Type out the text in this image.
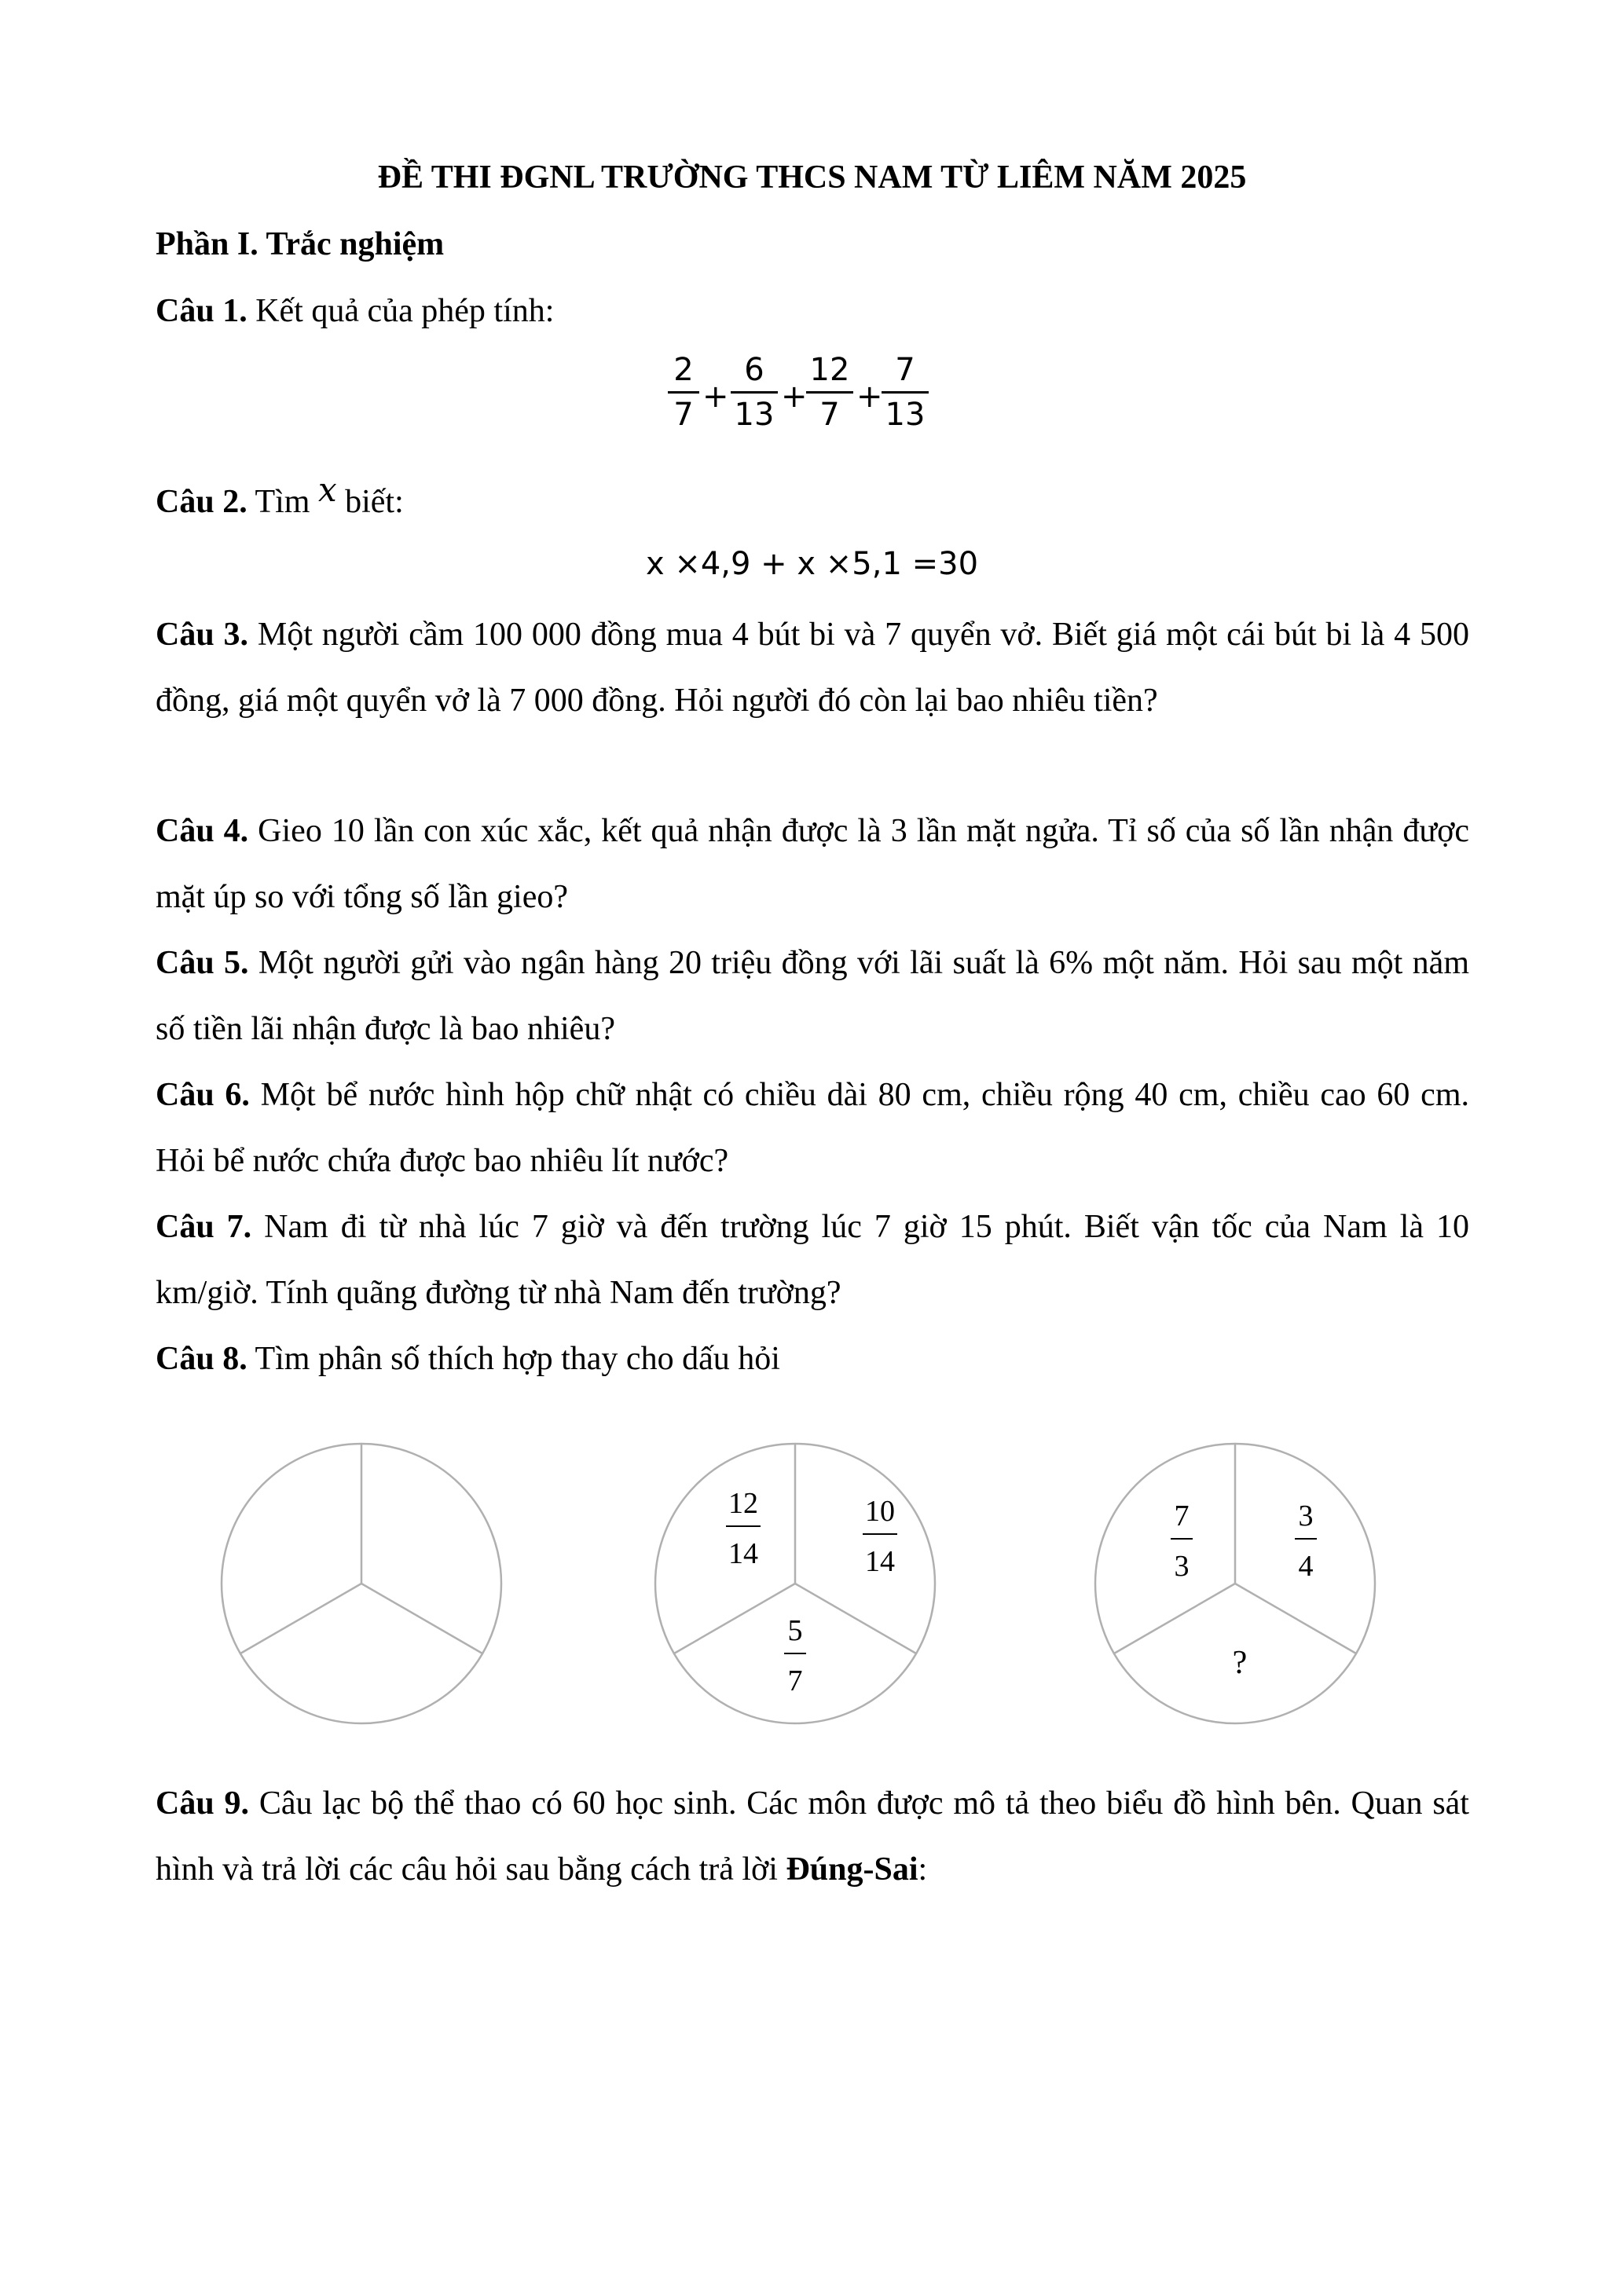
ĐỀ THI ĐGNL TRƯỜNG THCS NAM TỪ LIÊM NĂM 2025
Phần I. Trắc nghiệm
Câu 1. Kết quả của phép tính:
2
7 +
6
13 +
12
7 +
7
13
Câu 2. Tìm x biết:
x ×4,9 + x ×5,1 =30
Câu 3. Một người cầm 100 000 đồng mua 4 bút bi và 7 quyển vở. Biết giá một cái bút bi là 4 500 đồng, giá một quyển vở là 7 000 đồng. Hỏi người đó còn lại bao nhiêu tiền?
Câu 4. Gieo 10 lần con xúc xắc, kết quả nhận được là 3 lần mặt ngửa. Tỉ số của số lần nhận được mặt úp so với tổng số lần gieo?
Câu 5. Một người gửi vào ngân hàng 20 triệu đồng với lãi suất là 6% một năm. Hỏi sau một năm số tiền lãi nhận được là bao nhiêu?
Câu 6. Một bể nước hình hộp chữ nhật có chiều dài 80 cm, chiều rộng 40 cm, chiều cao 60 cm. Hỏi bể nước chứa được bao nhiêu lít nước?
Câu 7. Nam đi từ nhà lúc 7 giờ và đến trường lúc 7 giờ 15 phút. Biết vận tốc của Nam là 10 km/giờ. Tính quãng đường từ nhà Nam đến trường?
Câu 8. Tìm phân số thích hợp thay cho dấu hỏi
12
14
10
14
5
7
7
3
3
4
?
Câu 9. Câu lạc bộ thể thao có 60 học sinh. Các môn được mô tả theo biểu đồ hình bên. Quan sát hình và trả lời các câu hỏi sau bằng cách trả lời Đúng-Sai:
